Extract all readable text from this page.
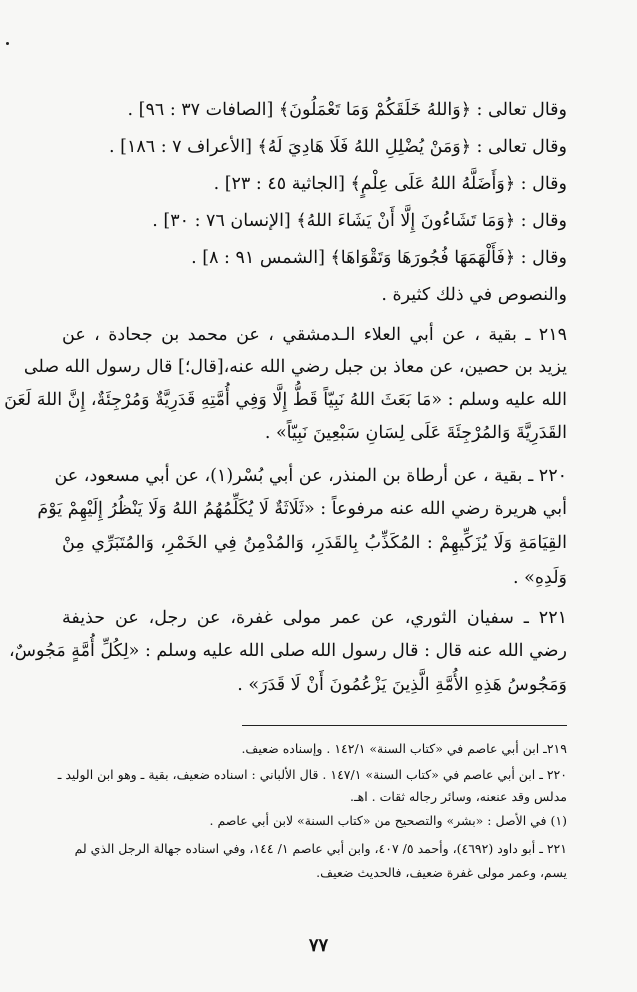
وقال تعالى : ﴿وَاللهُ خَلَقَكُمْ وَمَا تَعْمَلُونَ﴾ [الصافات ٣٧ : ٩٦] .
وقال تعالى : ﴿وَمَنْ يُضْلِلِ اللهُ فَلَا هَادِيَ لَهُ﴾ [الأعراف ٧ : ١٨٦] .
وقال : ﴿وَأَضَلَّهُ اللهُ عَلَى عِلْمٍ﴾ [الجاثية ٤٥ : ٢٣] .
وقال : ﴿وَمَا تَشَاءُونَ إِلَّا أَنْ يَشَاءَ اللهُ﴾ [الإنسان ٧٦ : ٣٠] .
وقال : ﴿فَأَلْهَمَهَا فُجُورَهَا وَتَقْوَاهَا﴾ [الشمس ٩١ : ٨] .
والنصوص في ذلك كثيرة .
٢١٩ ـ بقية ، عن أبي العلاء الـدمشقي ، عن محمد بن جحادة ، عن
يزيد بن حصين، عن معاذ بن جبل رضي الله عنه،[قال؛] قال رسول الله صلى
الله عليه وسلم : «مَا بَعَثَ اللهُ نَبِيّاً قَطُّ إِلَّا وَفِي أُمَّتِهِ قَدَرِيَّةٌ وَمُرْجِئَةٌ، إِنَّ اللهَ لَعَنَ
القَدَرِيَّةَ وَالمُرْجِئَةَ عَلَى لِسَانِ سَبْعِينَ نَبِيّاً» .
٢٢٠ ـ بقية ، عن أرطاة بن المنذر، عن أبي بُسْر(١)، عن أبي مسعود، عن
أبي هريرة رضي الله عنه مرفوعاً : «ثَلَاثَةٌ لَا يُكَلِّمُهُمُ اللهُ وَلَا يَنْظُرُ إِلَيْهِمْ يَوْمَ
القِيَامَةِ وَلَا يُزَكِّيهِمْ : المُكَذِّبُ بِالقَدَرِ، وَالمُدْمِنُ فِي الخَمْرِ، وَالمُتَبَرِّي مِنْ
وَلَدِهِ» .
٢٢١ ـ سفيان الثوري، عن عمر مولى غفرة، عن رجل، عن حذيفة
رضي الله عنه قال : قال رسول الله صلى الله عليه وسلم : «لِكُلِّ أُمَّةٍ مَجُوسٌ،
وَمَجُوسُ هَذِهِ الأُمَّةِ الَّذِينَ يَزْعُمُونَ أَنْ لَا قَدَرَ» .
٢١٩ـ ابن أبي عاصم في «كتاب السنة» ١٤٢/١ . وإسناده ضعيف.
٢٢٠ ـ ابن أبي عاصم في «كتاب السنة» ١٤٧/١ . قال الألباني : اسناده ضعيف، بقية ـ وهو ابن الوليد ـ
مدلس وقد عنعنه، وسائر رجاله ثقات . اهـ.
(١) في الأصل : «بشر» والتصحيح من «كتاب السنة» لابن أبي عاصم .
٢٢١ ـ أبو داود (٤٦٩٢)، وأحمد ٥/ ٤٠٧، وابن أبي عاصم ١/ ١٤٤، وفي اسناده جهالة الرجل الذي لم
يسم، وعمر مولى غفرة ضعيف، فالحديث ضعيف.
٧٧
